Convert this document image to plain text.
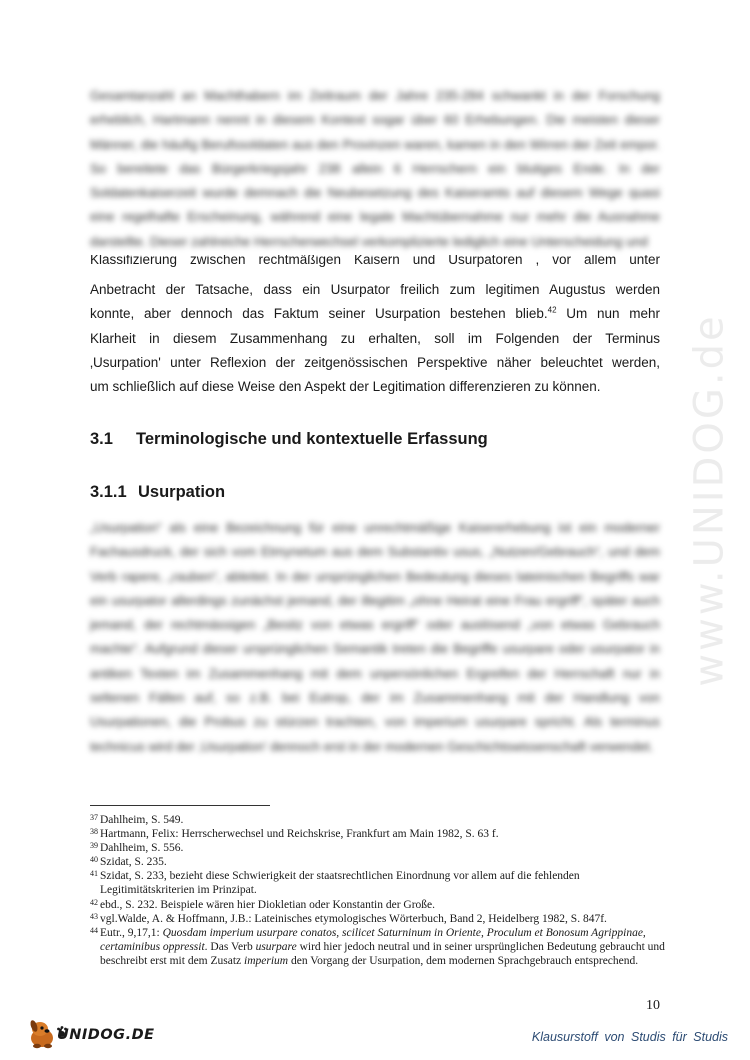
www.UNIDOG.de
Gesamtanzahl an Machthabern im Zeitraum der Jahre 235-284 schwankt in der Forschung erheblich, Hartmann nennt in diesem Kontext sogar über 60 Erhebungen. Die meisten dieser Männer, die häufig Berufssoldaten aus den Provinzen waren, kamen in den Wirren der Zeit empor. So bereitete das Bürgerkriegsjahr 238 allein 6 Herrschern ein blutiges Ende. In der Soldatenkaiserzeit wurde demnach die Neubesetzung des Kaiseramts auf diesem Wege quasi eine regelhafte Erscheinung, während eine legale Machtübernahme nur mehr die Ausnahme darstellte. Dieser zahlreiche Herrscherwechsel verkomplizierte lediglich eine Unterscheidung und

Klassifizierung zwischen rechtmäßigen Kaisern und Usurpatoren , vor allem unter

Anbetracht der Tatsache, dass ein Usurpator freilich zum legitimen Augustus werden

konnte, aber dennoch das Faktum seiner Usurpation bestehen blieb.$^{42}$ Um nun mehr

Klarheit in diesem Zusammenhang zu erhalten, soll im Folgenden der Terminus

‚Usurpation' unter Reflexion der zeitgenössischen Perspektive näher beleuchtet werden,

um schließlich auf diese Weise den Aspekt der Legitimation differenzieren zu können.

3.1 Terminologische und kontextuelle Erfassung
3.1.1 Usurpation
„Usurpation“ als eine Bezeichnung für eine unrechtmäßige Kaisererhebung ist ein moderner Fachausdruck, der sich vom Etmynetum aus dem Substantiv usus, „Nutzen/Gebrauch“, und dem Verb rapere, „rauben“, ableitet. In der ursprünglichen Bedeutung dieses lateinischen Begriffs war ein usurpator allerdings zunächst jemand, der illegitim „ohne Heirat eine Frau ergriff“, später auch jemand, der rechtmässigen „Besitz von etwas ergriff“ oder auslösend „von etwas Gebrauch machte“. Aufgrund dieser ursprünglichen Semantik treten die Begriffe usurpare oder usurpator in antiken Texten im Zusammenhang mit dem unpersönlichen Ergreifen der Herrschaft nur in seltenen Fällen auf, so z.B. bei Eutrop, der im Zusammenhang mit der Handlung von Usurpationen, die Probus zu stürzen trachten, von imperium usurpare spricht. Als terminus technicus wird der ‚Usurpation' dennoch erst in der modernen Geschichtswissenschaft verwendet.
37 Dahlheim, S. 549.
38 Hartmann, Felix: Herrscherwechsel und Reichskrise, Frankfurt am Main 1982, S. 63 f.
39 Dahlheim, S. 556.
40 Szidat, S. 235.
41 Szidat, S. 233, bezieht diese Schwierigkeit der staatsrechtlichen Einordnung vor allem auf die fehlenden
Legitimitätskriterien im Prinzipat.
42 ebd., S. 232. Beispiele wären hier Diokletian oder Konstantin der Große.
43 vgl.Walde, A. & Hoffmann, J.B.: Lateinisches etymologisches Wörterbuch, Band 2, Heidelberg 1982, S. 847f.
44 Eutr., 9,17,1: Quosdam imperium usurpare conatos, scilicet Saturninum in Oriente, Proculum et Bonosum Agrippinae, certaminibus oppressit. Das Verb usurpare wird hier jedoch neutral und in seiner ursprünglichen Bedeutung gebraucht und beschreibt erst mit dem Zusatz imperium den Vorgang der Usurpation, dem modernen Sprachgebrauch entsprechend.
10
UNIDOG.DE	Klausurstoff von Studis für Studis
